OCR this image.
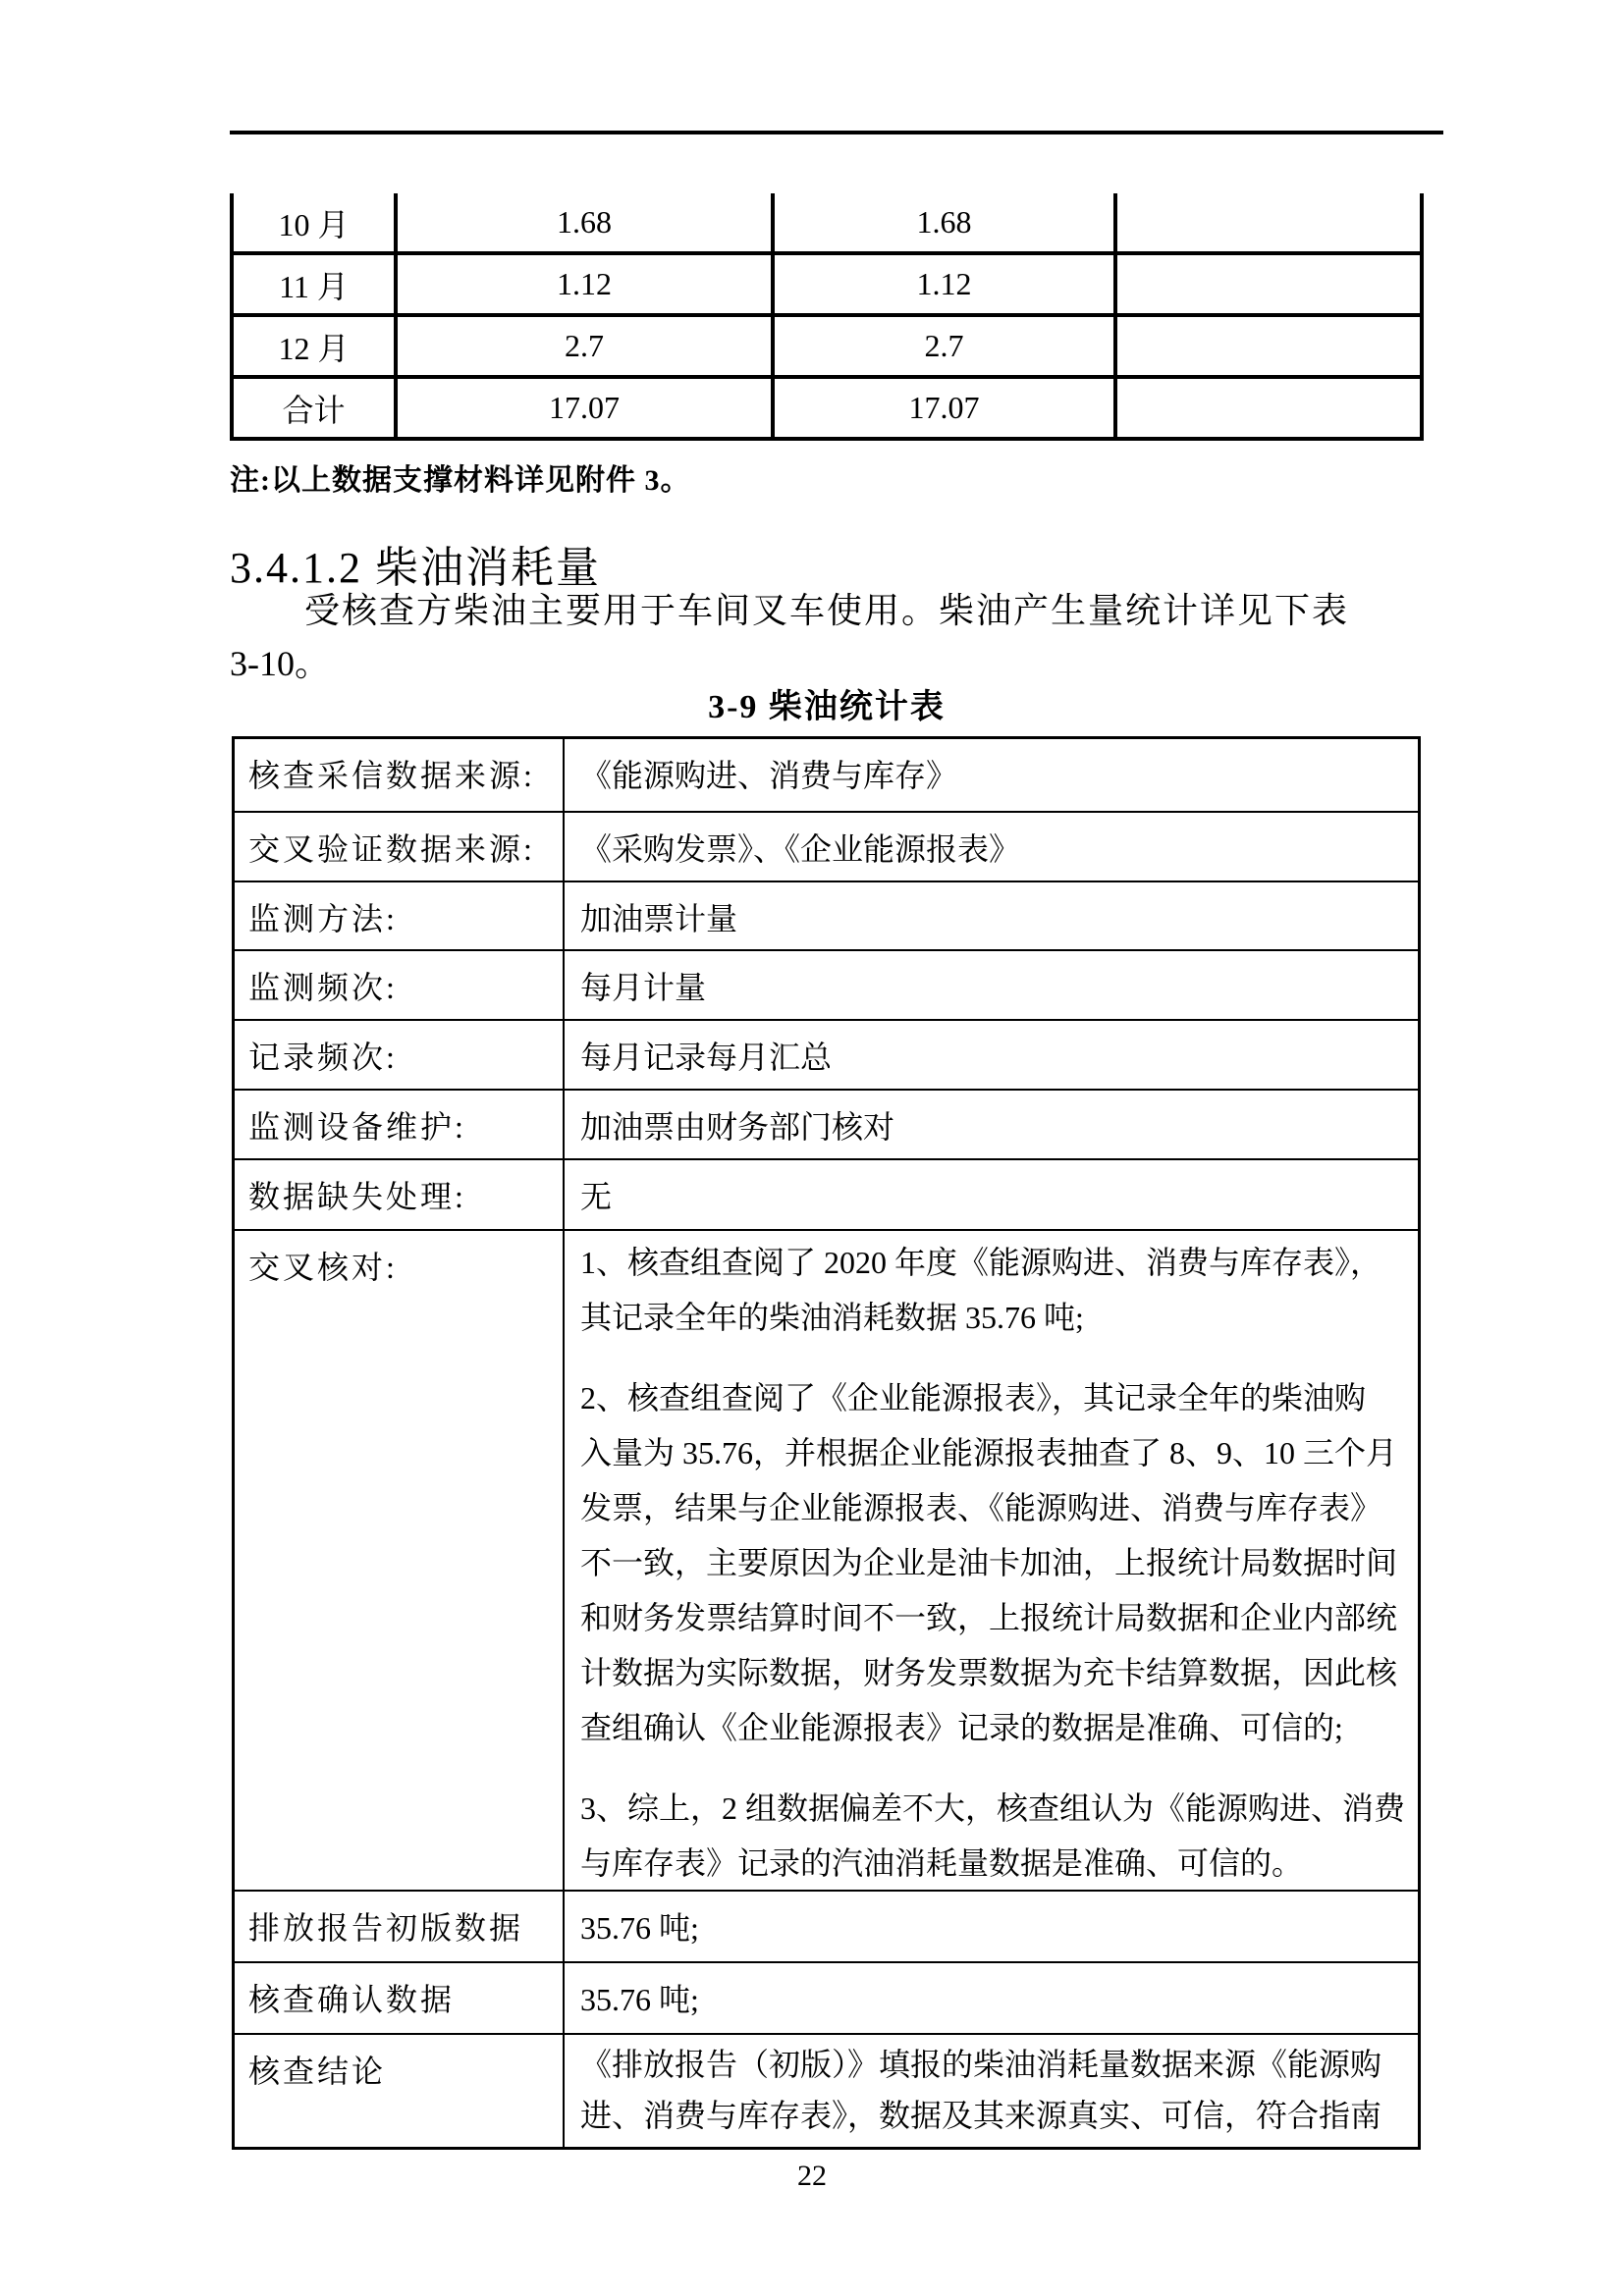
10 月	1.68	1.68
11 月	1.12	1.12
12 月	2.7	2.7
合计	17.07	17.07
注:以上数据支撑材料详见附件 3。
3.4.1.2 柴油消耗量
受核查方柴油主要用于车间叉车使用。柴油产生量统计详见下表
3-10。
3-9 柴油统计表
核查采信数据来源:	《能源购进、消费与库存》
交叉验证数据来源:	《采购发票》、《企业能源报表》
监测方法:	加油票计量
监测频次:	每月计量
记录频次:	每月记录每月汇总
监测设备维护:	加油票由财务部门核对
数据缺失处理:	无
交叉核对:	1、核查组查阅了 2020 年度《能源购进、消费与库存表》，
其记录全年的柴油消耗数据 35.76 吨;
2、核查组查阅了《企业能源报表》，其记录全年的柴油购
入量为 35.76，并根据企业能源报表抽查了 8、9、10 三个月
发票，结果与企业能源报表、《能源购进、消费与库存表》
不一致，主要原因为企业是油卡加油，上报统计局数据时间
和财务发票结算时间不一致，上报统计局数据和企业内部统
计数据为实际数据，财务发票数据为充卡结算数据，因此核
查组确认《企业能源报表》记录的数据是准确、可信的;
3、综上，2 组数据偏差不大，核查组认为《能源购进、消费
与库存表》记录的汽油消耗量数据是准确、可信的。
排放报告初版数据	35.76 吨;
核查确认数据	35.76 吨;
核查结论	《排放报告（初版）》填报的柴油消耗量数据来源《能源购
进、消费与库存表》，数据及其来源真实、可信，符合指南
22
